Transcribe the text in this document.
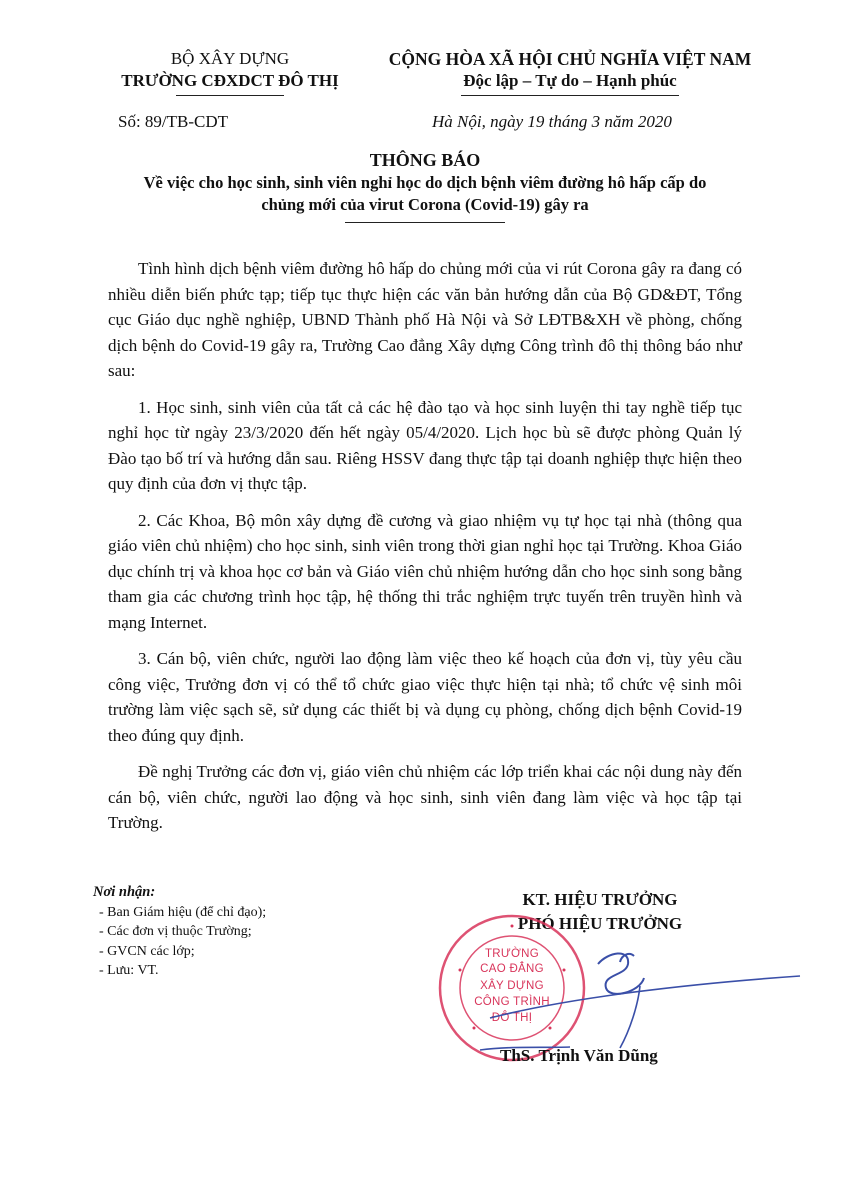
BỘ XÂY DỰNG
TRƯỜNG CĐXDCT ĐÔ THỊ
CỘNG HÒA XÃ HỘI CHỦ NGHĨA VIỆT NAM
Độc lập – Tự do – Hạnh phúc
Số: 89/TB-CDT	Hà Nội, ngày 19 tháng 3 năm 2020
THÔNG BÁO
Về việc cho học sinh, sinh viên nghỉ học do dịch bệnh viêm đường hô hấp cấp do
chủng mới của virut Corona (Covid-19) gây ra

Tình hình dịch bệnh viêm đường hô hấp do chủng mới của vi rút Corona gây ra đang có nhiều diễn biến phức tạp; tiếp tục thực hiện các văn bản hướng dẫn của Bộ GD&ĐT, Tổng cục Giáo dục nghề nghiệp, UBND Thành phố Hà Nội và Sở LĐTB&XH về phòng, chống dịch bệnh do Covid-19 gây ra, Trường Cao đẳng Xây dựng Công trình đô thị thông báo như sau:

1. Học sinh, sinh viên của tất cả các hệ đào tạo và học sinh luyện thi tay nghề tiếp tục nghỉ học từ ngày 23/3/2020 đến hết ngày 05/4/2020. Lịch học bù sẽ được phòng Quản lý Đào tạo bố trí và hướng dẫn sau. Riêng HSSV đang thực tập tại doanh nghiệp thực hiện theo quy định của đơn vị thực tập.

2. Các Khoa, Bộ môn xây dựng đề cương và giao nhiệm vụ tự học tại nhà (thông qua giáo viên chủ nhiệm) cho học sinh, sinh viên trong thời gian nghỉ học tại Trường. Khoa Giáo dục chính trị và khoa học cơ bản và Giáo viên chủ nhiệm hướng dẫn cho học sinh song bằng tham gia các chương trình học tập, hệ thống thi trắc nghiệm trực tuyến trên truyền hình và mạng Internet.

3. Cán bộ, viên chức, người lao động làm việc theo kế hoạch của đơn vị, tùy yêu cầu công việc, Trưởng đơn vị có thể tổ chức giao việc thực hiện tại nhà; tổ chức vệ sinh môi trường làm việc sạch sẽ, sử dụng các thiết bị và dụng cụ phòng, chống dịch bệnh Covid-19 theo đúng quy định.

Đề nghị Trưởng các đơn vị, giáo viên chủ nhiệm các lớp triển khai các nội dung này đến cán bộ, viên chức, người lao động và học sinh, sinh viên đang làm việc và học tập tại Trường.

Nơi nhận:
- Ban Giám hiệu (để chỉ đạo);
- Các đơn vị thuộc Trường;
- GVCN các lớp;
- Lưu: VT.
KT. HIỆU TRƯỞNG
PHÓ HIỆU TRƯỞNG
TRƯỜNG
CAO ĐẲNG
XÂY DỰNG
CÔNG TRÌNH
ĐÔ THỊ
ThS. Trịnh Văn Dũng
